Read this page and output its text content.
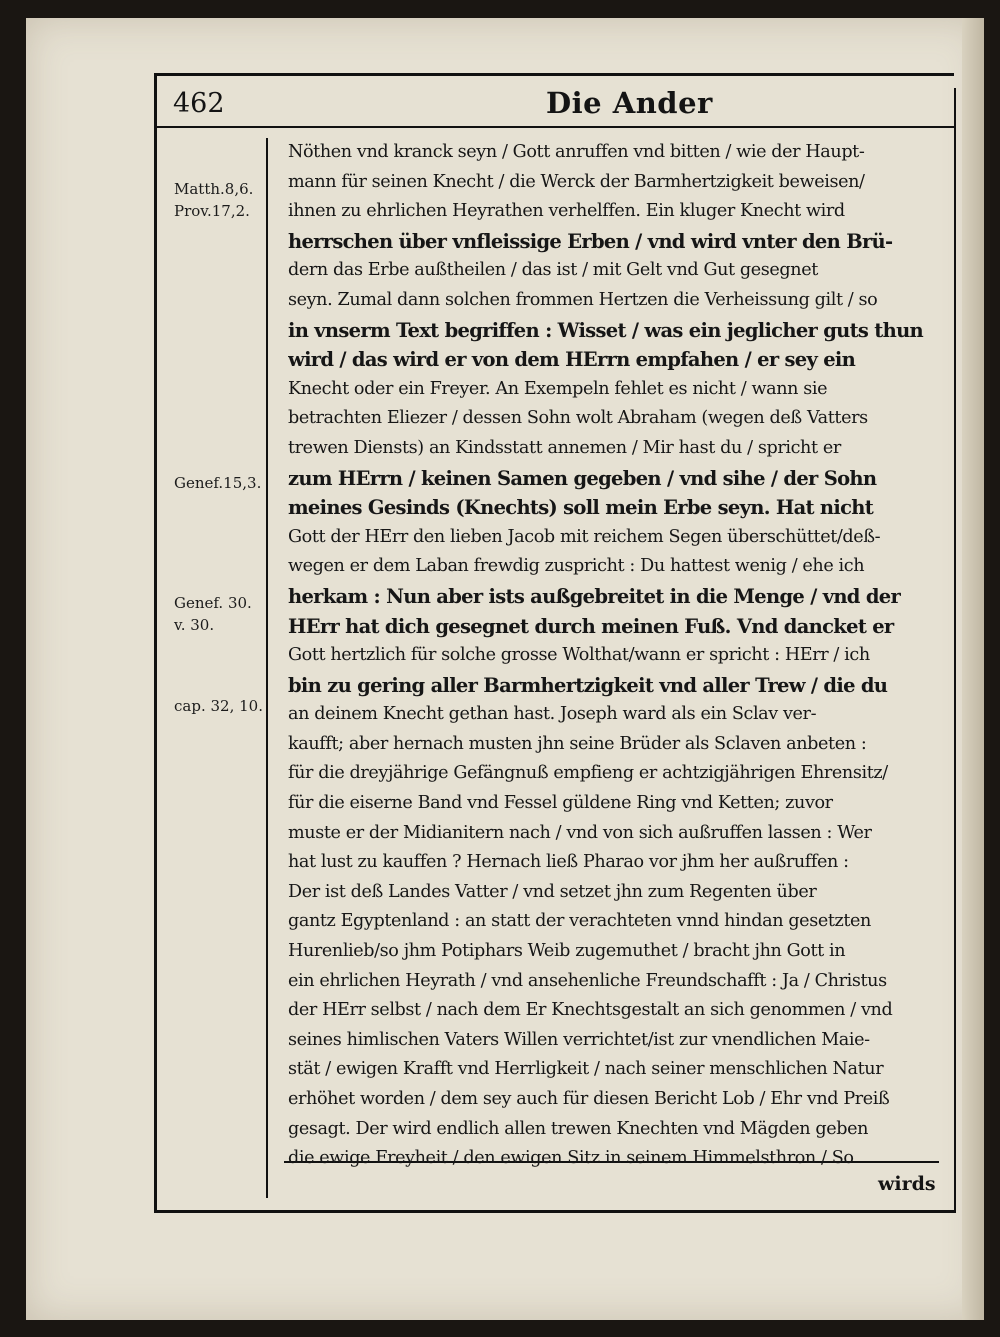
462	Die Ander
Matth.8,6.
Prov.17,2.
Genef.15,3.
Genef. 30.
v. 30.
cap. 32, 10.
Nöthen vnd kranck seyn / Gott anruffen vnd bitten / wie der Haupt-
mann für seinen Knecht / die Werck der Barmhertzigkeit beweisen/
ihnen zu ehrlichen Heyrathen verhelffen. Ein kluger Knecht wird
herrschen über vnfleissige Erben / vnd wird vnter den Brü-
dern das Erbe außtheilen / das ist / mit Gelt vnd Gut gesegnet
seyn. Zumal dann solchen frommen Hertzen die Verheissung gilt / so
in vnserm Text begriffen : Wisset / was ein jeglicher guts thun
wird / das wird er von dem HErrn empfahen / er sey ein
Knecht oder ein Freyer. An Exempeln fehlet es nicht / wann sie
betrachten Eliezer / dessen Sohn wolt Abraham (wegen deß Vatters
trewen Diensts) an Kindsstatt annemen / Mir hast du / spricht er
zum HErrn / keinen Samen gegeben / vnd sihe / der Sohn
meines Gesinds (Knechts) soll mein Erbe seyn. Hat nicht
Gott der HErr den lieben Jacob mit reichem Segen überschüttet/deß-
wegen er dem Laban frewdig zuspricht : Du hattest wenig / ehe ich
herkam : Nun aber ists außgebreitet in die Menge / vnd der
HErr hat dich gesegnet durch meinen Fuß. Vnd dancket er
Gott hertzlich für solche grosse Wolthat/wann er spricht : HErr / ich
bin zu gering aller Barmhertzigkeit vnd aller Trew / die du
an deinem Knecht gethan hast. Joseph ward als ein Sclav ver-
kaufft; aber hernach musten jhn seine Brüder als Sclaven anbeten :
für die dreyjährige Gefängnuß empfieng er achtzigjährigen Ehrensitz/
für die eiserne Band vnd Fessel güldene Ring vnd Ketten; zuvor
muste er der Midianitern nach / vnd von sich außruffen lassen : Wer
hat lust zu kauffen ? Hernach ließ Pharao vor jhm her außruffen :
Der ist deß Landes Vatter / vnd setzet jhn zum Regenten über
gantz Egyptenland : an statt der verachteten vnnd hindan gesetzten
Hurenlieb/so jhm Potiphars Weib zugemuthet / bracht jhn Gott in
ein ehrlichen Heyrath / vnd ansehenliche Freundschafft : Ja / Christus
der HErr selbst / nach dem Er Knechtsgestalt an sich genommen / vnd
seines himlischen Vaters Willen verrichtet/ist zur vnendlichen Maie-
stät / ewigen Krafft vnd Herrligkeit / nach seiner menschlichen Natur
erhöhet worden / dem sey auch für diesen Bericht Lob / Ehr vnd Preiß
gesagt. Der wird endlich allen trewen Knechten vnd Mägden geben
die ewige Freyheit / den ewigen Sitz in seinem Himmelsthron / So
wirds
